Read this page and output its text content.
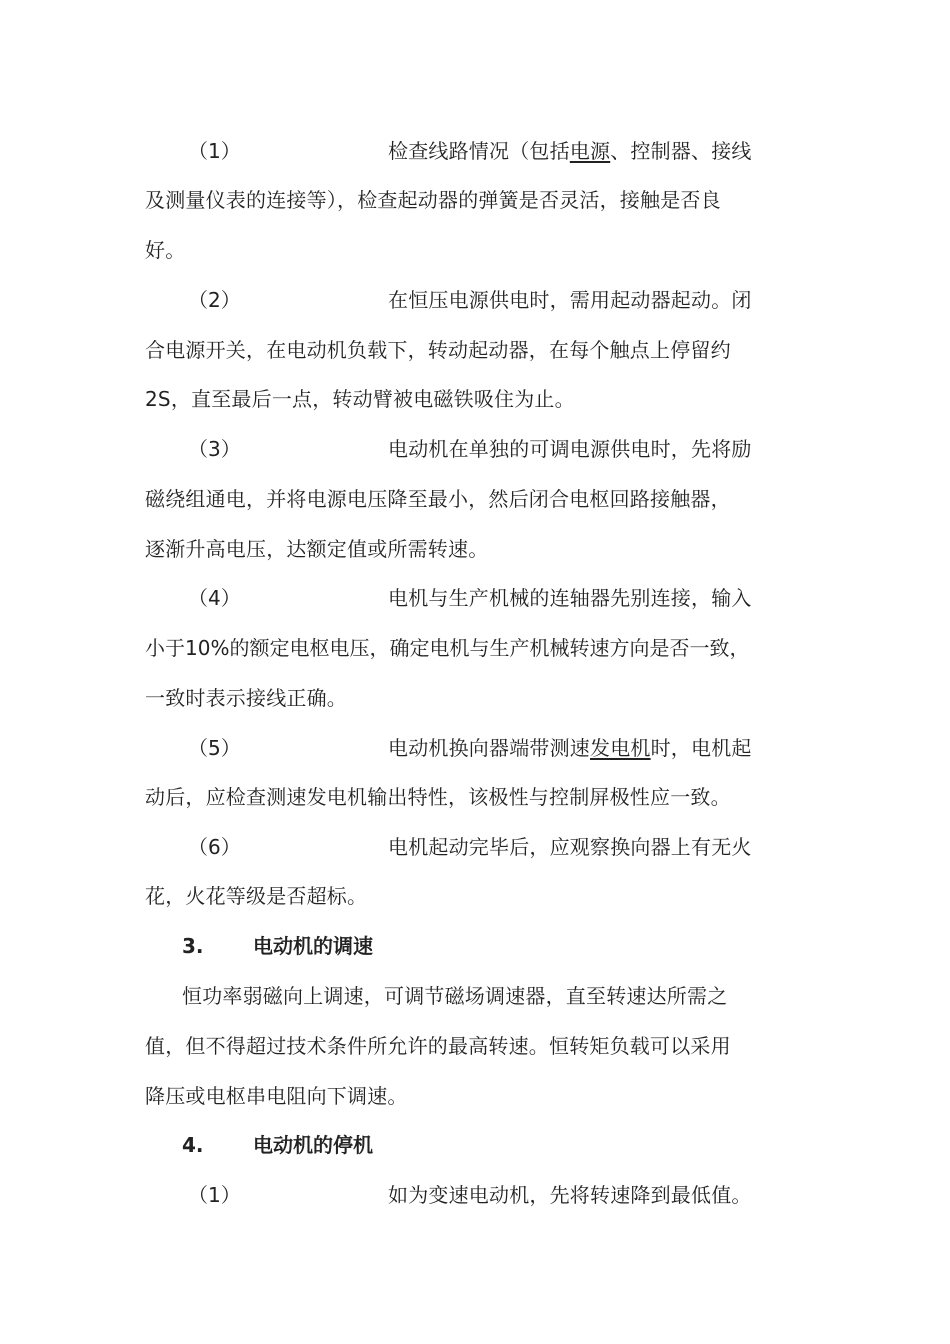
（1）	检查线路情况（包括电源、控制器、接线
及测量仪表的连接等），检查起动器的弹簧是否灵活，接触是否良
好。
（2）	在恒压电源供电时，需用起动器起动。闭
合电源开关，在电动机负载下，转动起动器，在每个触点上停留约
2S，直至最后一点，转动臂被电磁铁吸住为止。
（3）	电动机在单独的可调电源供电时，先将励
磁绕组通电，并将电源电压降至最小，然后闭合电枢回路接触器，
逐渐升高电压，达额定值或所需转速。
（4）	电机与生产机械的连轴器先别连接，输入
小于10%的额定电枢电压，确定电机与生产机械转速方向是否一致，
一致时表示接线正确。
（5）	电动机换向器端带测速发电机时，电机起
动后，应检查测速发电机输出特性，该极性与控制屏极性应一致。
（6）	电机起动完毕后，应观察换向器上有无火
花，火花等级是否超标。
3. 电动机的调速
恒功率弱磁向上调速，可调节磁场调速器，直至转速达所需之
值，但不得超过技术条件所允许的最高转速。恒转矩负载可以采用
降压或电枢串电阻向下调速。
4. 电动机的停机
（1）	如为变速电动机，先将转速降到最低值。
